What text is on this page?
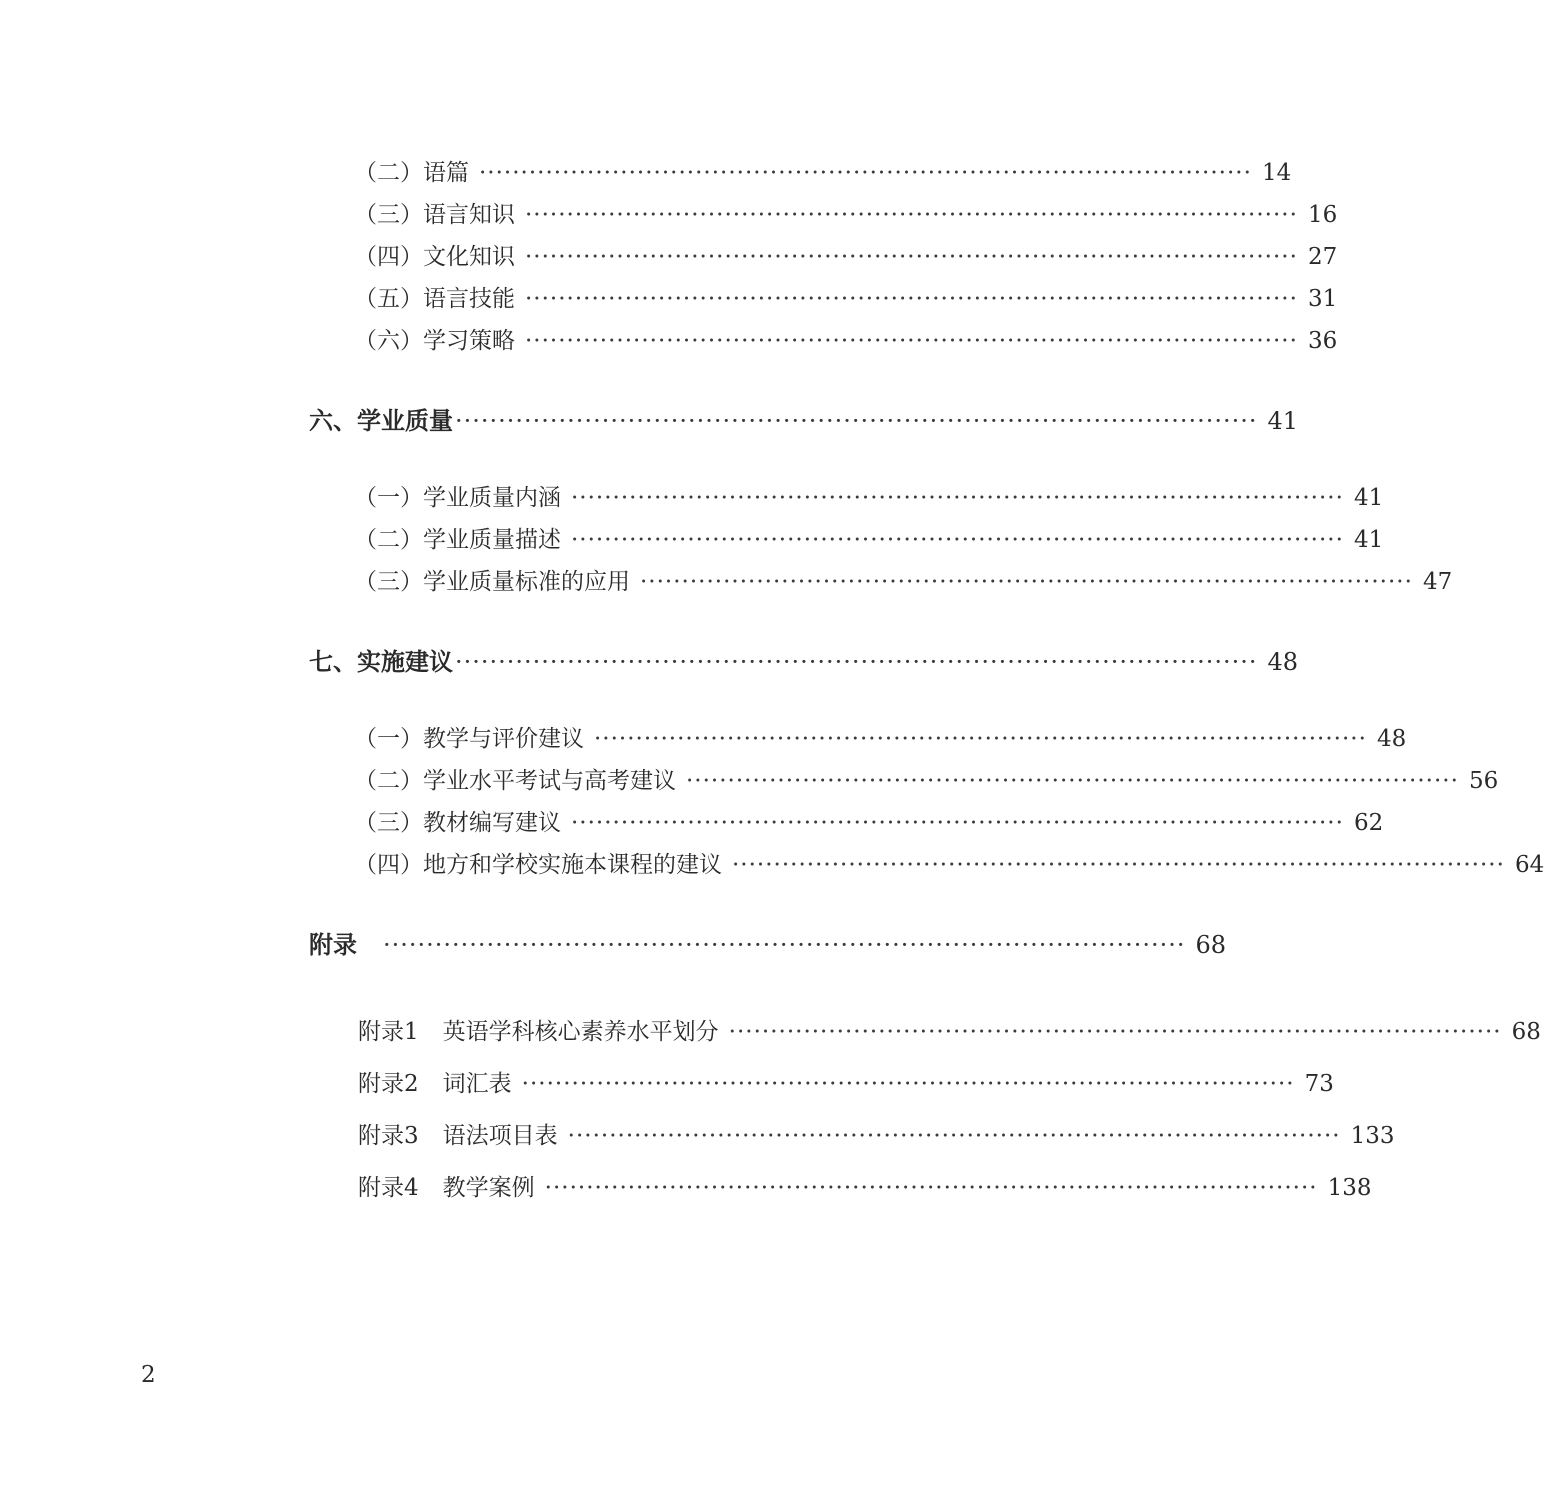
（二）语篇 ····························································································· 14
（三）语言知识 ····························································································· 16
（四）文化知识 ····························································································· 27
（五）语言技能 ····························································································· 31
（六）学习策略 ····························································································· 36
六、学业质量 ····························································································· 41
（一）学业质量内涵 ····························································································· 41
（二）学业质量描述 ····························································································· 41
（三）学业质量标准的应用 ····························································································· 47
七、实施建议 ····························································································· 48
（一）教学与评价建议 ····························································································· 48
（二）学业水平考试与高考建议 ····························································································· 56
（三）教材编写建议 ····························································································· 62
（四）地方和学校实施本课程的建议 ····························································································· 64
附录 ····························································································· 68
附录1 英语学科核心素养水平划分 ····························································································· 68
附录2 词汇表 ····························································································· 73
附录3 语法项目表 ····························································································· 133
附录4 教学案例 ····························································································· 138
2
